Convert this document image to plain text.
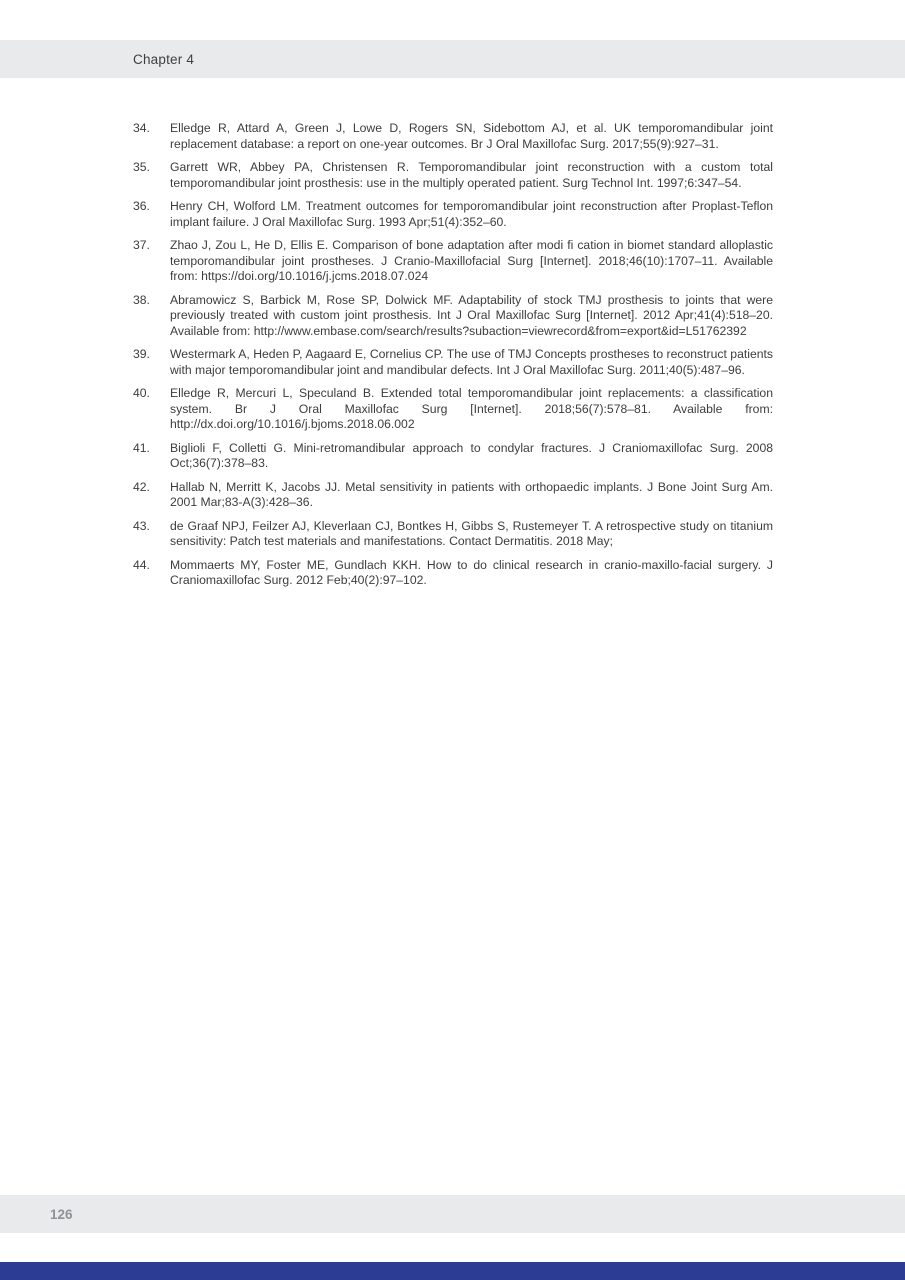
Chapter 4
34.	Elledge R, Attard A, Green J, Lowe D, Rogers SN, Sidebottom AJ, et al. UK temporomandibular joint replacement database: a report on one-year outcomes. Br J Oral Maxillofac Surg. 2017;55(9):927–31.
35.	Garrett WR, Abbey PA, Christensen R. Temporomandibular joint reconstruction with a custom total temporomandibular joint prosthesis: use in the multiply operated patient. Surg Technol Int. 1997;6:347–54.
36.	Henry CH, Wolford LM. Treatment outcomes for temporomandibular joint reconstruction after Proplast-Teflon implant failure. J Oral Maxillofac Surg. 1993 Apr;51(4):352–60.
37.	Zhao J, Zou L, He D, Ellis E. Comparison of bone adaptation after modi fi cation in biomet standard alloplastic temporomandibular joint prostheses. J Cranio-Maxillofacial Surg [Internet]. 2018;46(10):1707–11. Available from: https://doi.org/10.1016/j.jcms.2018.07.024
38.	Abramowicz S, Barbick M, Rose SP, Dolwick MF. Adaptability of stock TMJ prosthesis to joints that were previously treated with custom joint prosthesis. Int J Oral Maxillofac Surg [Internet]. 2012 Apr;41(4):518–20. Available from: http://www.embase.com/search/results?subaction=viewrecord&from=export&id=L51762392
39.	Westermark A, Heden P, Aagaard E, Cornelius CP. The use of TMJ Concepts prostheses to reconstruct patients with major temporomandibular joint and mandibular defects. Int J Oral Maxillofac Surg. 2011;40(5):487–96.
40.	Elledge R, Mercuri L, Speculand B. Extended total temporomandibular joint replacements: a classification system. Br J Oral Maxillofac Surg [Internet]. 2018;56(7):578–81. Available from: http://dx.doi.org/10.1016/j.bjoms.2018.06.002
41.	Biglioli F, Colletti G. Mini-retromandibular approach to condylar fractures. J Craniomaxillofac Surg. 2008 Oct;36(7):378–83.
42.	Hallab N, Merritt K, Jacobs JJ. Metal sensitivity in patients with orthopaedic implants. J Bone Joint Surg Am. 2001 Mar;83-A(3):428–36.
43.	de Graaf NPJ, Feilzer AJ, Kleverlaan CJ, Bontkes H, Gibbs S, Rustemeyer T. A retrospective study on titanium sensitivity: Patch test materials and manifestations. Contact Dermatitis. 2018 May;
44.	Mommaerts MY, Foster ME, Gundlach KKH. How to do clinical research in cranio-maxillo-facial surgery. J Craniomaxillofac Surg. 2012 Feb;40(2):97–102.
126
